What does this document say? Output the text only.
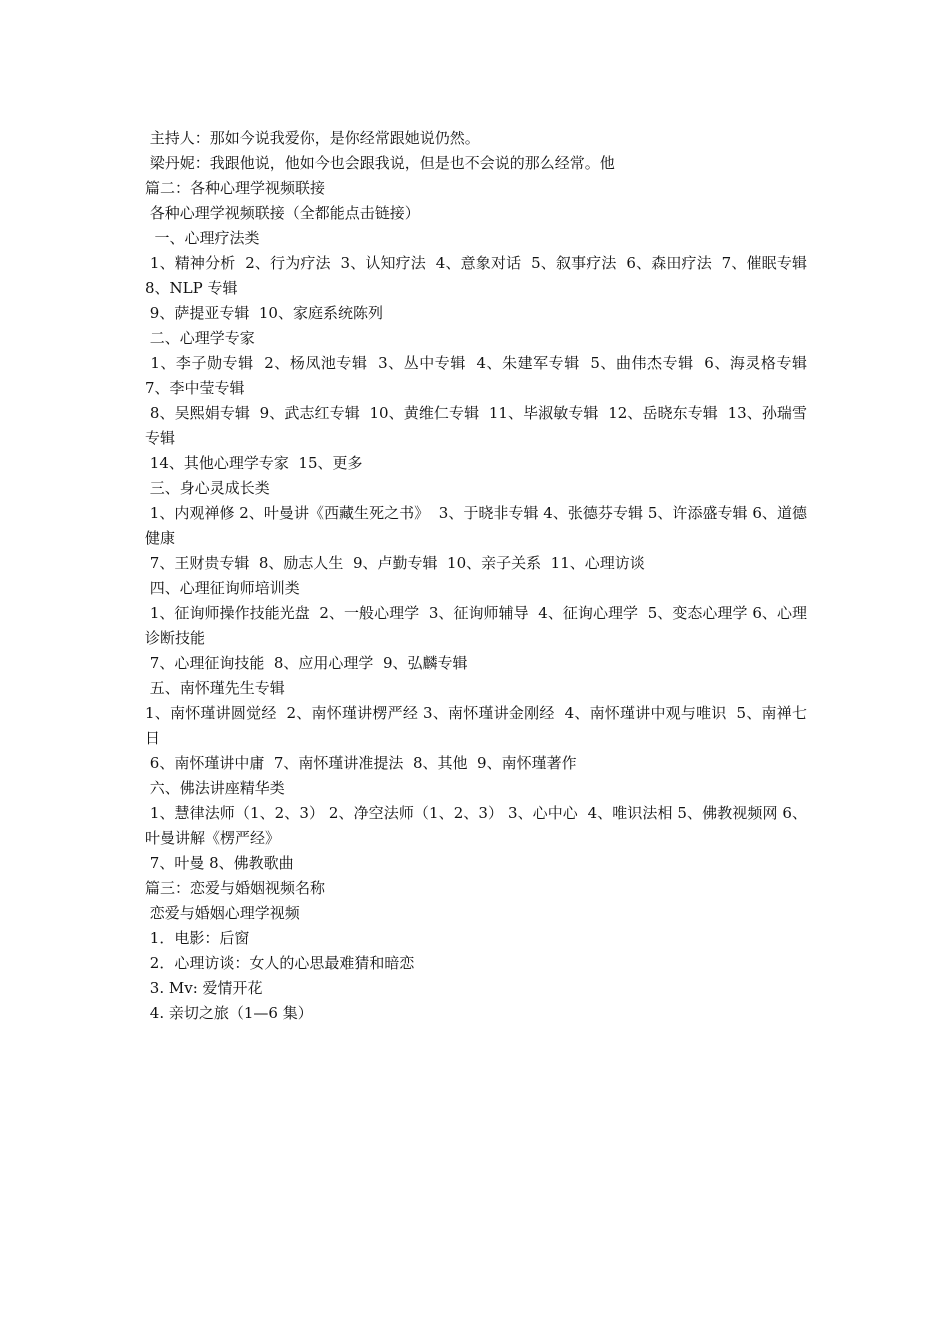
主持人：那如今说我爱你，是你经常跟她说仍然。
梁丹妮：我跟他说，他如今也会跟我说，但是也不会说的那么经常。他
篇二：各种心理学视频联接
各种心理学视频联接（全都能点击链接）
一、心理疗法类
1、精神分析  2、行为疗法  3、认知疗法  4、意象对话  5、叙事疗法  6、森田疗法  7、催眠专辑  8、NLP 专辑
9、萨提亚专辑  10、家庭系统陈列
二、心理学专家
1、李子勋专辑  2、杨凤池专辑  3、丛中专辑  4、朱建军专辑  5、曲伟杰专辑  6、海灵格专辑  7、李中莹专辑
8、吴熙娟专辑  9、武志红专辑  10、黄维仁专辑  11、毕淑敏专辑  12、岳晓东专辑  13、孙瑞雪专辑
14、其他心理学专家  15、更多
三、身心灵成长类
1、内观禅修 2、叶曼讲《西藏生死之书》  3、于晓非专辑 4、张德芬专辑 5、许添盛专辑 6、道德健康
7、王财贵专辑  8、励志人生  9、卢勤专辑  10、亲子关系  11、心理访谈
四、心理征询师培训类
1、征询师操作技能光盘  2、一般心理学  3、征询师辅导  4、征询心理学  5、变态心理学 6、心理诊断技能
7、心理征询技能  8、应用心理学  9、弘麟专辑
五、南怀瑾先生专辑
1、南怀瑾讲圆觉经  2、南怀瑾讲楞严经 3、南怀瑾讲金刚经  4、南怀瑾讲中观与唯识  5、南禅七日
6、南怀瑾讲中庸  7、南怀瑾讲准提法  8、其他  9、南怀瑾著作
六、佛法讲座精华类
1、慧律法师（1、2、3） 2、净空法师（1、2、3） 3、心中心  4、唯识法相 5、佛教视频网 6、叶曼讲解《楞严经》
7、叶曼 8、佛教歌曲
篇三：恋爱与婚姻视频名称
恋爱与婚姻心理学视频
1．电影：后窗
2．心理访谈：女人的心思最难猜和暗恋
3. Mv: 爱情开花
4. 亲切之旅（1—6 集）
